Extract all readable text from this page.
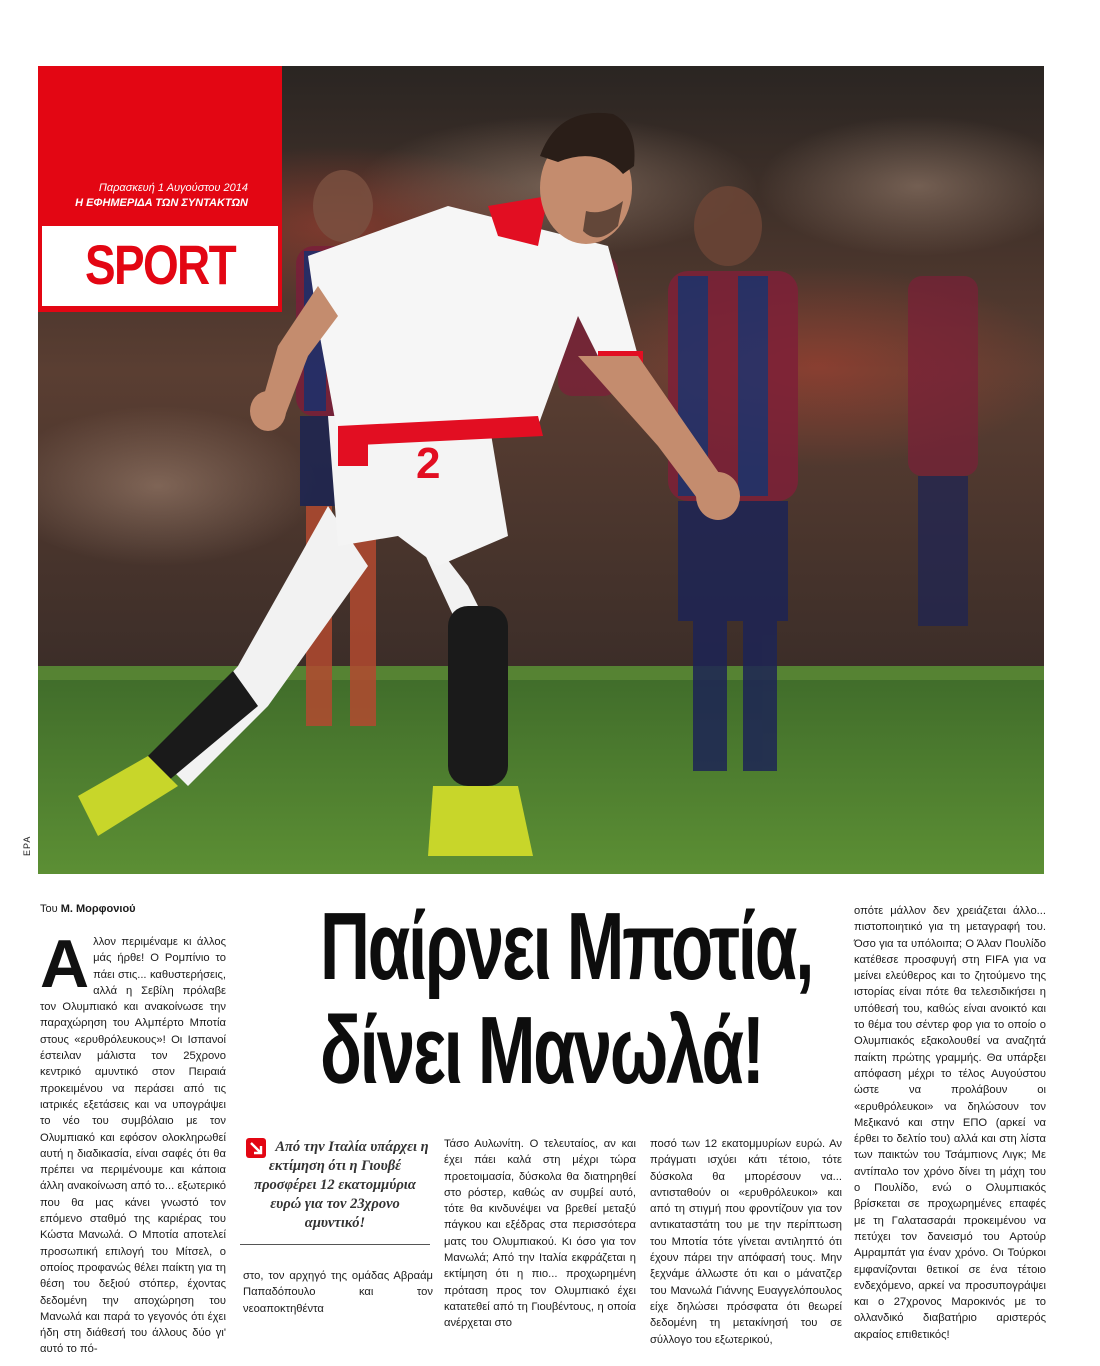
2
EPA
Παρασκευή 1 Αυγούστου 2014
Η ΕΦΗΜΕΡΙΔΑ ΤΩΝ ΣΥΝΤΑΚΤΩΝ
SPORT
Του Μ. Μορφονιού
Α λλον περιμέναμε κι άλλος μάς ήρθε! Ο Ρομπίνιο το πάει στις... καθυστερήσεις, αλλά η Σεβίλη πρόλαβε τον Ολυμπιακό και ανακοίνωσε την παραχώρηση του Αλμπέρτο Μποτία στους «ερυθρόλευκους»! Οι Ισπανοί έστειλαν μάλιστα τον 25χρονο κεντρικό αμυντικό στον Πειραιά προκειμένου να περάσει από τις ιατρικές εξετάσεις και να υπογράψει το νέο του συμβόλαιο με τον Ολυμπιακό και εφόσον ολοκληρωθεί αυτή η διαδικασία, είναι σαφές ότι θα πρέπει να περιμένουμε και κάποια άλλη ανακοίνωση από το... εξωτερικό που θα μας κάνει γνωστό τον επόμενο σταθμό της καριέρας του Κώστα Μανωλά. Ο Μποτία αποτελεί προσωπική επιλογή του Μίτσελ, ο οποίος προφανώς θέλει παίκτη για τη θέση του δεξιού στόπερ, έχοντας δεδομένη την αποχώρηση του Μανωλά και παρά το γεγονός ότι έχει ήδη στη διάθεσή του άλλους δύο γι' αυτό το πό-
Παίρνει Μποτία,
δίνει Μανωλά!
Από την Ιταλία υπάρχει η εκτίμηση ότι η Γιουβέ προσφέρει 12 εκατομμύρια ευρώ για τον 23χρονο αμυντικό!
στο, τον αρχηγό της ομάδας Αβραάμ Παπαδόπουλο και τον νεοαποκτηθέντα
Τάσο Αυλωνίτη. Ο τελευταίος, αν και έχει πάει καλά στη μέχρι τώρα προετοιμασία, δύσκολα θα διατηρηθεί στο ρόστερ, καθώς αν συμβεί αυτό, τότε θα κινδυνέψει να βρεθεί μεταξύ πάγκου και εξέδρας στα περισσότερα ματς του Ολυμπιακού. Κι όσο για τον Μανωλά; Από την Ιταλία εκφράζεται η εκτίμηση ότι η πιο... προχωρημένη πρόταση προς τον Ολυμπιακό έχει κατατεθεί από τη Γιουβέντους, η οποία ανέρχεται στο
ποσό των 12 εκατομμυρίων ευρώ. Αν πράγματι ισχύει κάτι τέτοιο, τότε δύσκολα θα μπορέσουν να... αντισταθούν οι «ερυθρόλευκοι» και από τη στιγμή που φροντίζουν για τον αντικαταστάτη του με την περίπτωση του Μποτία τότε γίνεται αντιληπτό ότι έχουν πάρει την απόφασή τους. Μην ξεχνάμε άλλωστε ότι και ο μάνατζερ του Μανωλά Γιάννης Ευαγγελόπουλος είχε δηλώσει πρόσφατα ότι θεωρεί δεδομένη τη μετακίνησή του σε σύλλογο του εξωτερικού,
οπότε μάλλον δεν χρειάζεται άλλο... πιστοποιητικό για τη μεταγραφή του. Όσο για τα υπόλοιπα; Ο Άλαν Πουλίδο κατέθεσε προσφυγή στη FIFA για να μείνει ελεύθερος και το ζητούμενο της ιστορίας είναι πότε θα τελεσιδικήσει η υπόθεσή του, καθώς είναι ανοικτό και το θέμα του σέντερ φορ για το οποίο ο Ολυμπιακός εξακολουθεί να αναζητά παίκτη πρώτης γραμμής. Θα υπάρξει απόφαση μέχρι το τέλος Αυγούστου ώστε να προλάβουν οι «ερυθρόλευκοι» να δηλώσουν τον Μεξικανό και στην ΕΠΟ (αρκεί να έρθει το δελτίο του) αλλά και στη λίστα των παικτών του Τσάμπιονς Λιγκ; Με αντίπαλο τον χρόνο δίνει τη μάχη του ο Πουλίδο, ενώ ο Ολυμπιακός βρίσκεται σε προχωρημένες επαφές με τη Γαλατασαράι προκειμένου να πετύχει τον δανεισμό του Αρτούρ Αμραμπάτ για έναν χρόνο. Οι Τούρκοι εμφανίζονται θετικοί σε ένα τέτοιο ενδεχόμενο, αρκεί να προσυπογράψει και ο 27χρονος Μαροκινός με το ολλανδικό διαβατήριο αριστερός ακραίος επιθετικός!
